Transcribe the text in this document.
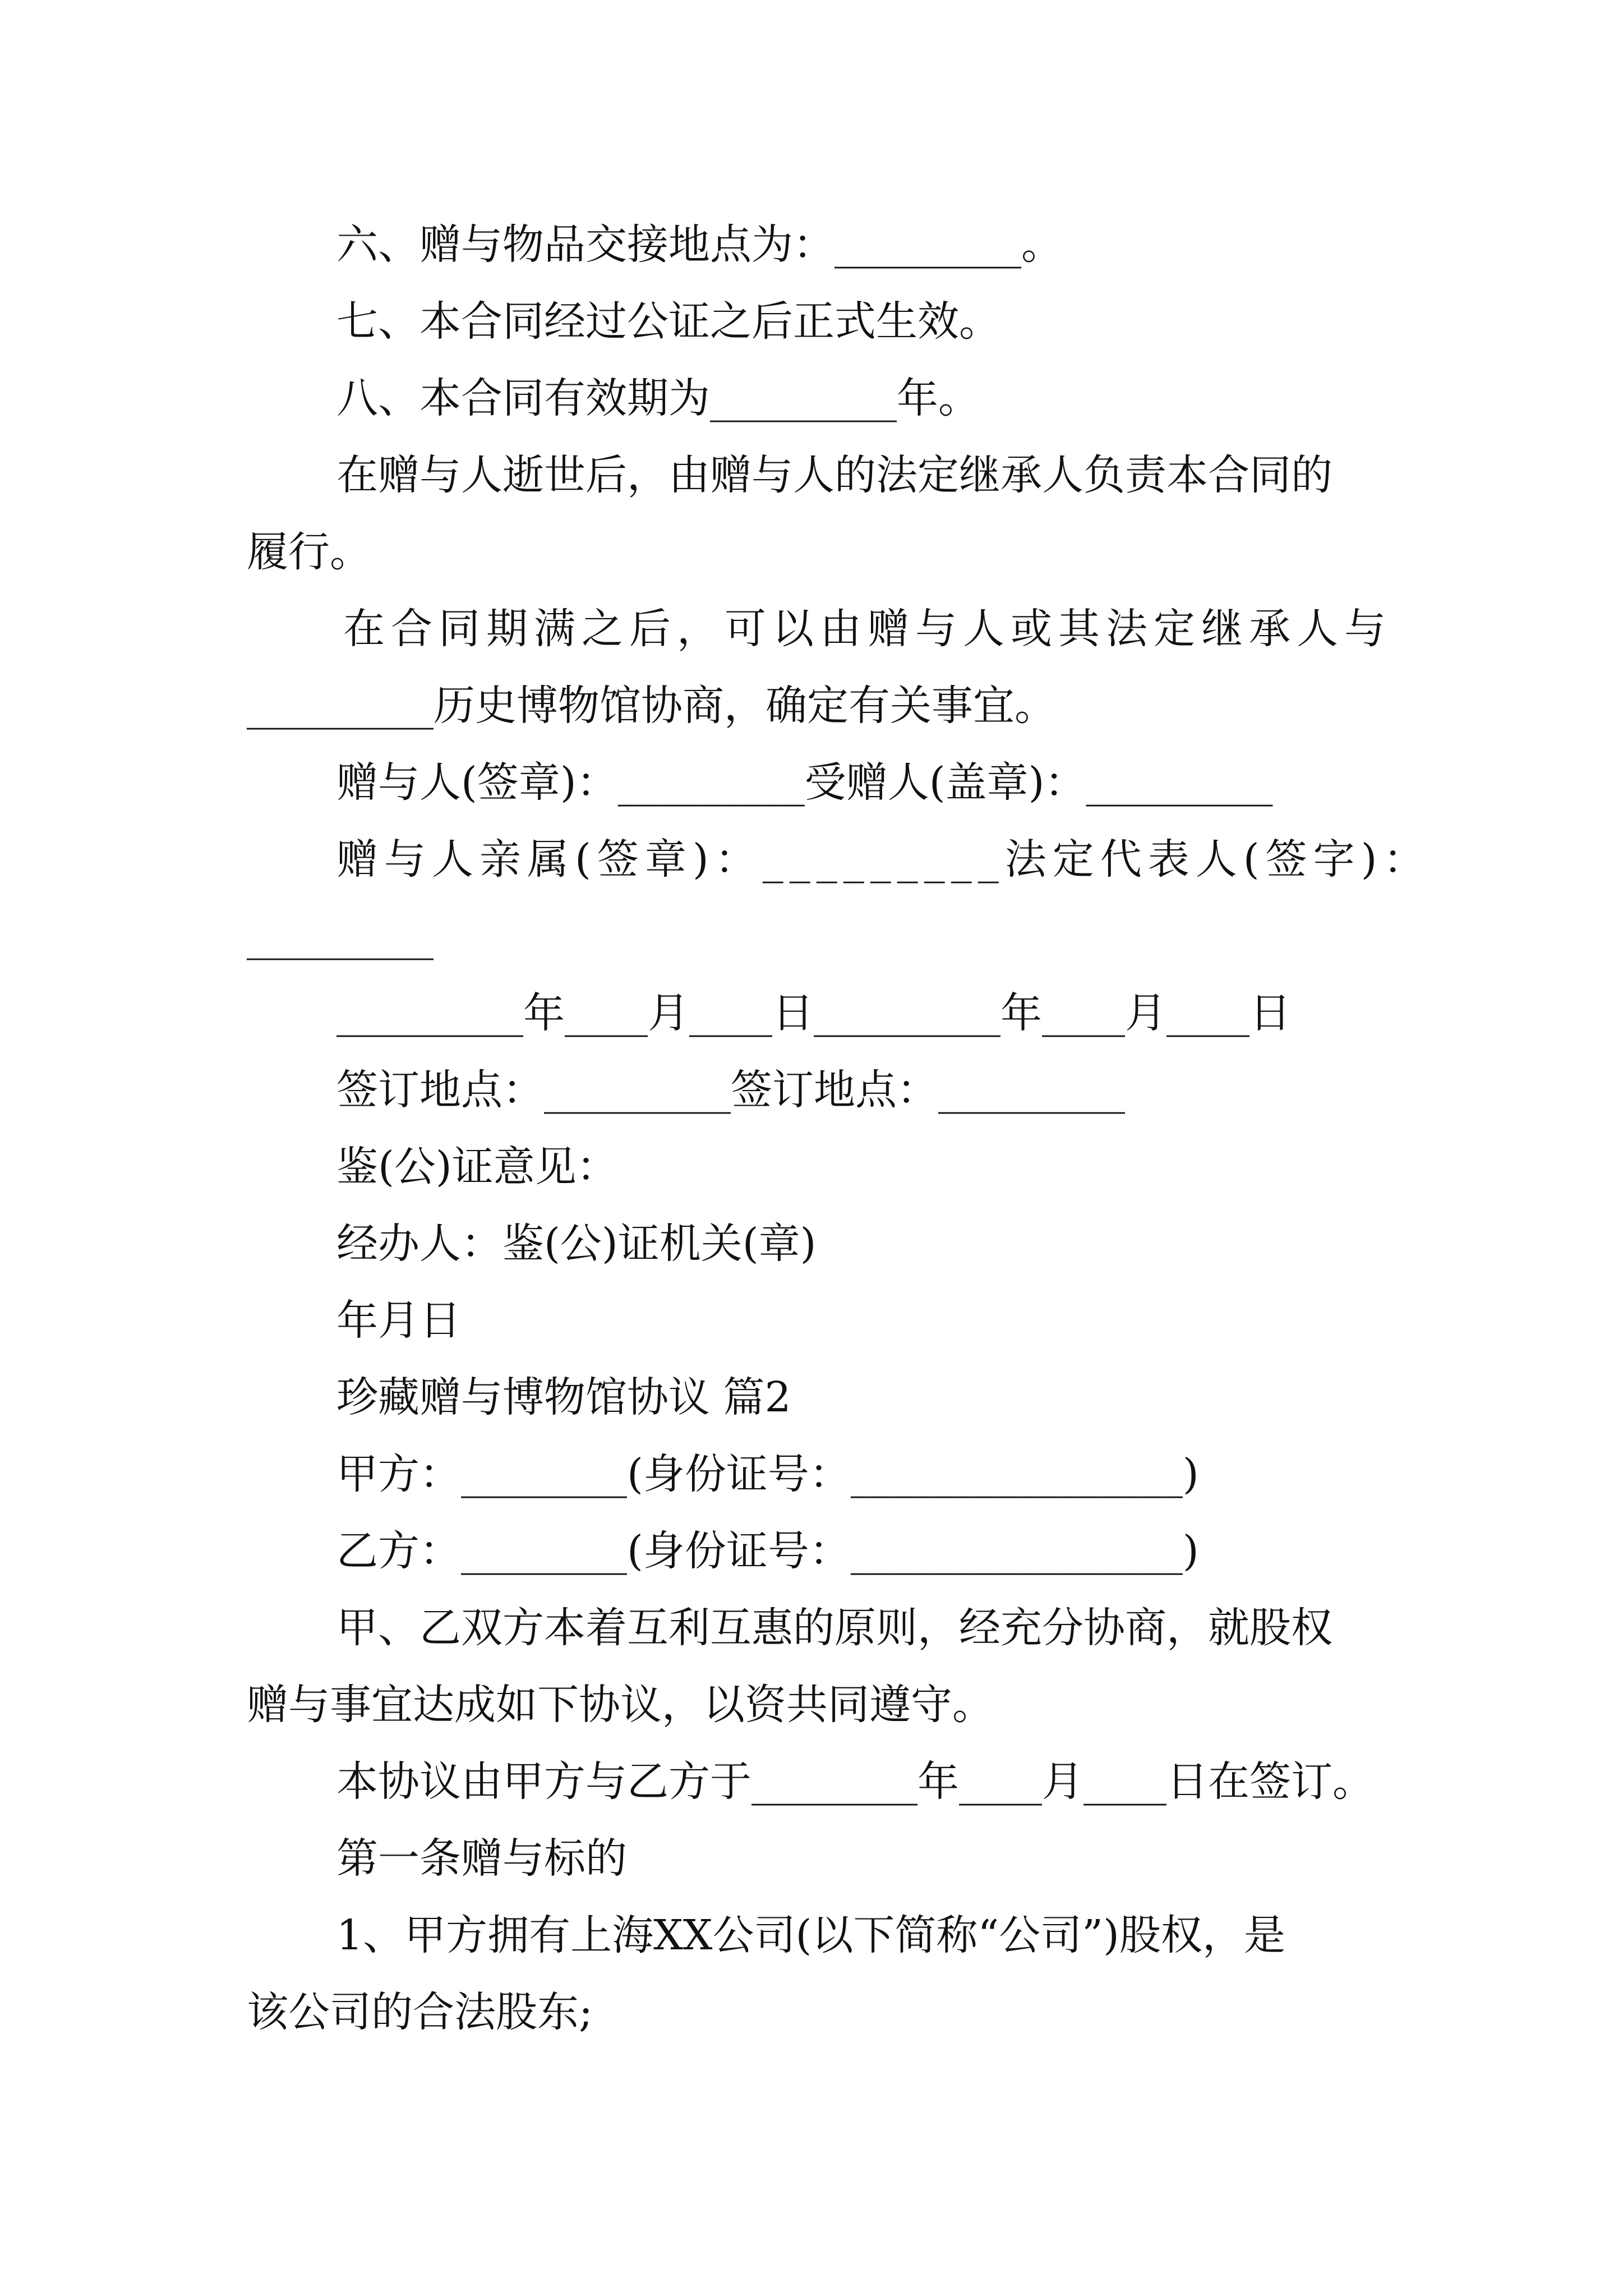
六、赠与物品交接地点为：_________。
七、本合同经过公证之后正式生效。
八、本合同有效期为_________年。
在赠与人逝世后，由赠与人的法定继承人负责本合同的
履行。
在合同期满之后，可以由赠与人或其法定继承人与
_________历史博物馆协商，确定有关事宜。
赠与人(签章)：_________受赠人(盖章)：_________
赠与人亲属(签章)：_________法定代表人(签字)：
_________
_________年____月____日_________年____月____日
签订地点：_________签订地点：_________
鉴(公)证意见：
经办人：鉴(公)证机关(章)
年月日
珍藏赠与博物馆协议 篇2
甲方：________(身份证号：________________)
乙方：________(身份证号：________________)
甲、乙双方本着互利互惠的原则，经充分协商，就股权
赠与事宜达成如下协议，以资共同遵守。
本协议由甲方与乙方于________年____月____日在签订。
第一条赠与标的
1、甲方拥有上海XX公司(以下简称“公司”)股权，是
该公司的合法股东;
